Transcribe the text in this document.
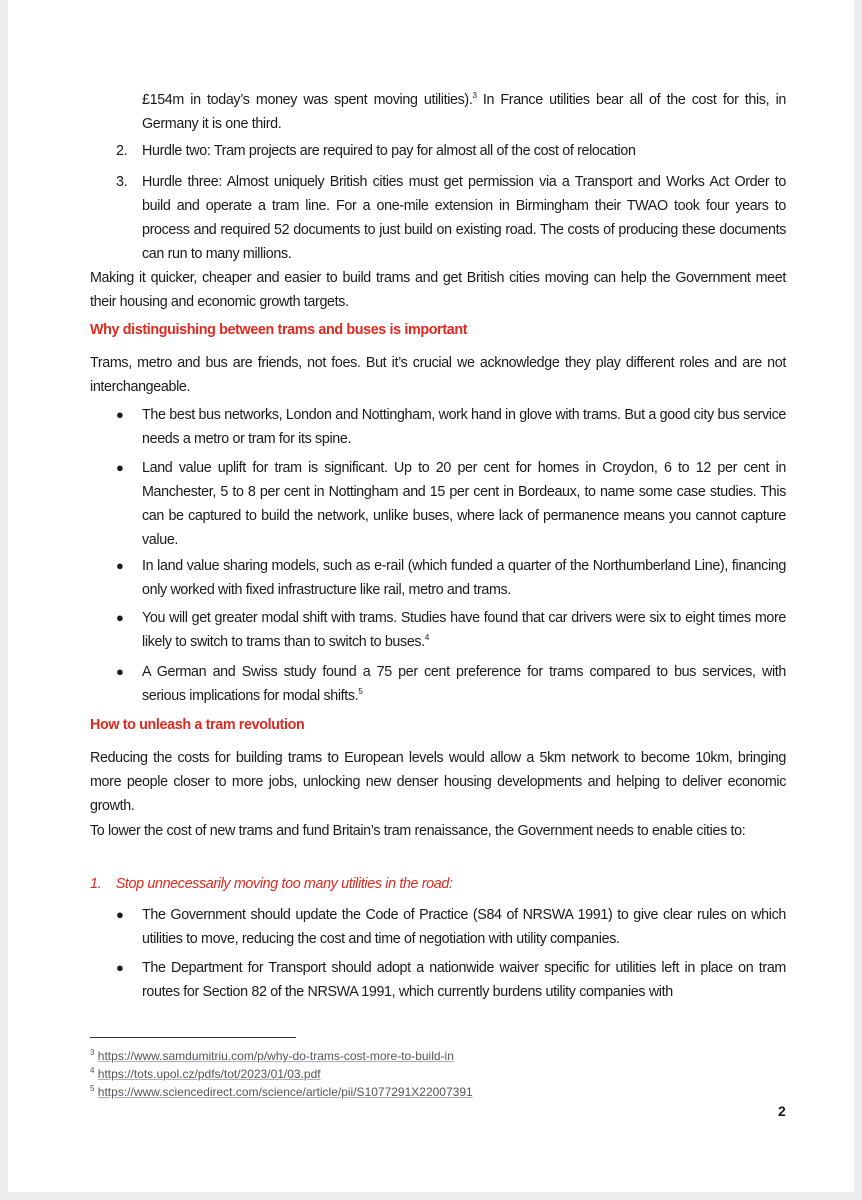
£154m in today’s money was spent moving utilities).$^3$ In France utilities bear all of the cost for this, in Germany it is one third.
2. Hurdle two: Tram projects are required to pay for almost all of the cost of relocation
3. Hurdle three: Almost uniquely British cities must get permission via a Transport and Works Act Order to build and operate a tram line. For a one-mile extension in Birmingham their TWAO took four years to process and required 52 documents to just build on existing road. The costs of producing these documents can run to many millions.
Making it quicker, cheaper and easier to build trams and get British cities moving can help the Government meet their housing and economic growth targets.
Why distinguishing between trams and buses is important
Trams, metro and bus are friends, not foes. But it’s crucial we acknowledge they play different roles and are not interchangeable.
● The best bus networks, London and Nottingham, work hand in glove with trams. But a good city bus service needs a metro or tram for its spine.
● Land value uplift for tram is significant. Up to 20 per cent for homes in Croydon, 6 to 12 per cent in Manchester, 5 to 8 per cent in Nottingham and 15 per cent in Bordeaux, to name some case studies. This can be captured to build the network, unlike buses, where lack of permanence means you cannot capture value.
● In land value sharing models, such as e-rail (which funded a quarter of the Northumberland Line), financing only worked with fixed infrastructure like rail, metro and trams.
● You will get greater modal shift with trams. Studies have found that car drivers were six to eight times more likely to switch to trams than to switch to buses.$^4$
● A German and Swiss study found a 75 per cent preference for trams compared to bus services, with serious implications for modal shifts.$^5$
How to unleash a tram revolution
Reducing the costs for building trams to European levels would allow a 5km network to become 10km, bringing more people closer to more jobs, unlocking new denser housing developments and helping to deliver economic growth.
To lower the cost of new trams and fund Britain’s tram renaissance, the Government needs to enable cities to:
1. Stop unnecessarily moving too many utilities in the road:
● The Government should update the Code of Practice (S84 of NRSWA 1991) to give clear rules on which utilities to move, reducing the cost and time of negotiation with utility companies.
● The Department for Transport should adopt a nationwide waiver specific for utilities left in place on tram routes for Section 82 of the NRSWA 1991, which currently burdens utility companies with
$^3$ https://www.samdumitriu.com/p/why-do-trams-cost-more-to-build-in
$^4$ https://tots.upol.cz/pdfs/tot/2023/01/03.pdf
$^5$ https://www.sciencedirect.com/science/article/pii/S1077291X22007391
2
